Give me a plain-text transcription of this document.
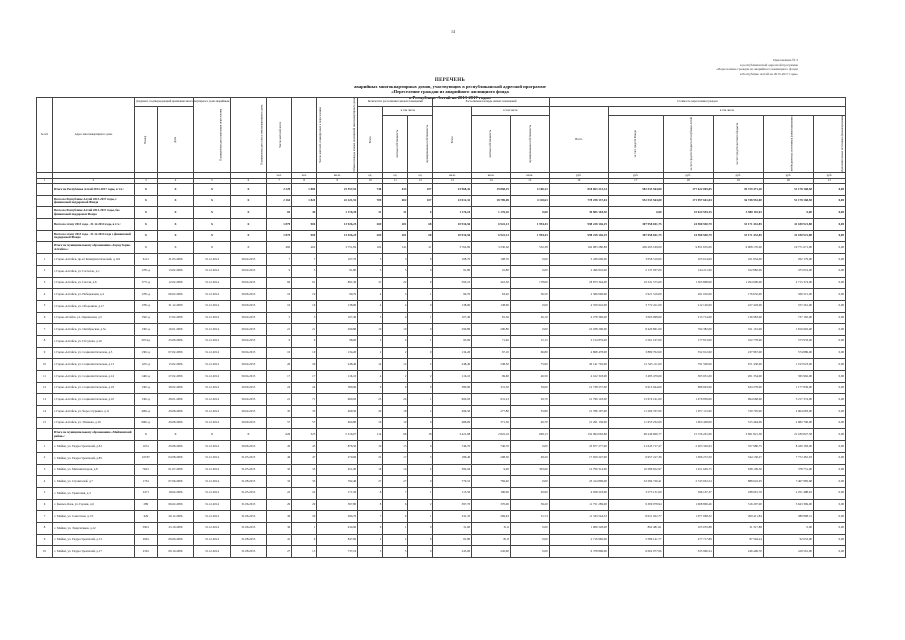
14
Приложение № 3
к республиканской адресной программе
«Переселение граждан из аварийного жилищного фонда
в Республике Алтай на 2013-2017 годы»
ПЕРЕЧЕНЬ
аварийных многоквартирных домов, участвующих в республиканской адресной программе
«Переселение граждан из аварийного жилищного фонда
в Республике Алтай на 2013-2017 годы»
№ п/п	Адрес многоквартирного дома	Документ, подтверждающий признание многоквартирного дома аварийным		Планируемая дата окончания переселения	Планируемая дата сноса многоквартирного дома	Число жителей всего	Число жителей, планируемых к переселению	Общая площадь жилых помещений многоквартирного дома	Количество расселяемых жилых помещений			Расселяемая площадь жилых помещений			Стоимость переселения граждан					
		Номер	Дата						Всего	в том числе		Всего	в том числе		Всего	в том числе				
										частная собственность	муниципальная собственность		частная собственность	муниципальная собственность		за счет средств Фонда	за счет средств бюджета Республики Алтай	за счет средств местного бюджета	внебюджетных источников финансирования	Дополнительные источники финансирования
						чел.	чел.	кв.м.	ед.	ед.	ед.	кв.м.	кв.м.	кв.м.	руб.	руб.	руб.	руб.	руб.	руб.
1	2	3	4	5	6	7	8	9	10	11	12	13	14	15	16	17	18	19	20	21
	Итого по Республике Алтай 2013-2017 годы, в т.ч.:	X	X	X	X	2 229	1 869	23 557,92	740	633	107	23 968,42	19 868,19	4 100,23	818 063 241,34	582 533 564,00	177 622 065,05	49 729 471,20	51 178 168,58	0,00
	Всего по Республике Алтай 2013-2017 годы, с финансовой поддержкой Фонда	X	X	X	X	2 164	1 824	22 221,92	709	602	107	23 012,32	18 789,69	4 118,63	778 258 137,04	552 533 564,00	171 997 661,04	36 748 952,00	51 178 168,58	0,00
	Всего по Республике Алтай 2013-2017 годы, без финансовой поддержки Фонда	X	X	X	X	65	45	1 176,39	31	31	0	1 176,10	1 176,10	0,00	39 805 104,30	0,00	25 024 594,15	3 980 110,63	0,00	0,00
	Всего по этапу 2013 года - 31.12.2014 года, в т.ч.:	X	X	X	X	1 879	904	13 926,25	269	201	68	10 916,56	6 922,13	1 994,43	998 228 146,19	307 958 041,75	24 580 940,79	33 171 432,85	41 180 921,88	0,00
	Всего по этапу 2013 года - 31.12.2014 года с финансовой поддержкой Фонда	X	X	X	X	1 879	904	13 926,25	269	201	68	10 916,56	6 922,13	1 994,43	998 228 146,19	307 958 041,75	24 580 940,79	33 171 432,85	41 180 921,88	0,00
	Итого по муниципальному образованию «Город Горно-Алтайск»:	X	X	X	X	482	402	3 751,82	162	141	21	3 762,82	3 230,62	532,38	162 083 280,89	456 295 169,09	9 851 635,00	6 008 170,00	19 771 671,00	0,00
1	г. Горно-Алтайск, пр-кт Коммунистический, д.124	6121	31.05.2006	31.12.2014	30.04.2015	7	7	107,70	5	3	0	108,70	108,70	0,00	3 436 600,00	3 056 519,00	105 614,00	101 834,00	202 179,00	0,00
2	г. Горно-Алтайск, ул. Гастелло, д.1	1781-р	13.02.2006	31.12.2014	30.04.2015	9	5	91,80	3	3	0	91,80	91,80	0,00	2 496 816,00	2 137 937,00	144 211,00	102 882,00	475 019,00	0,00
3	г. Горно-Алтайск, ул. Гоголя, д.6	1771-р	12.02.2006	31.12.2014	30.04.2015	66	61	891,30	31	22	9	595,10	416,50	178,60	18 873 344,00	16 341 575,00	1 563 808,00	1 294 900,00	2 715 374,00	0,00
4	г. Горно-Алтайск, ул. Набережная, д.4	1781-р	06.02.2006	31.12.2014	30.06.2015	10	10	99,70	4	3	1	99,70	63,20	36,50	2 566 096,00	2 921 516,00	261 910,00	176 632,00	506 515,00	0,00
5	г. Горно-Алтайск, ул. Оборонная, д.17	1781-р	31.12.2009	31.12.2014	30.09.2015	16	16	138,90	4	4	0	138,00	138,00	0,00	4 559 916,00	3 772 411,00	212 126,00	227 418,00	557 261,00	0,00
6	г. Горно-Alтайск, ул. Оршанская, д.5	1561-р	17.02.2006	31.12.2014	30.04.2015	5	5	107,40	5	4	1	107,40	81,30	26,10	4 278 360,00	3 063 098,00	213 714,00	136 983,00	737 165,00	0,00
7	г. Горно-Алтайск, ул. Октябрьская, д.5а	1301-р	16.01.2006	31.12.2014	30.04.2015	21	21	290,80	10	10	0	290,80	290,80	0,00	10 938 296,00	8 429 861,00	764 382,00	321 191,00	1 816 902,00	0,00
8	г. Горно-Алтайск, ул. П.Сухова, д.10	5974-р	25.09.2006	31.12.2014	30.04.2015	9	6	98,90	5	4	1	93,00	71,40	15,15	3 154 879,00	2 561 197,00	177 813,00	102 778,00	573 933,00	0,00
9	г. Горно-Алтайск, ул. Социалистическая, д.5	1301-р	07.02.2006	31.12.2014	30.04.2015	10	10	134,20	2	2	0	134,20	67,10	66,80	4 868 478,00	3 880 702,00	352 912,00	237 867,00	574 886,00	0,00
10	г. Горно-Алтайск, ул. Социалистическая, д.13	1251-р	15.02.2006	31.12.2014	30.04.2015	29	29	248,40	14	12	2	248,40	238,50	75,90	20 141 702,00	12 345 111,00	791 590,00	671 430,00	1 193 023,00	0,00
11	г. Горно-Алтайск, ул. Социалистическая, д.14	1461-р	27.02.2006	31.12.2014	30.04.2015	17	17	116,10	4	2	2	116,10	69,60	46,50	4 162 318,00	3 483 479,00	305 951,00	201 334,00	365 962,00	0,00
12	г. Горно-Алтайск, ул. Социалистическая, д.18	1301-р	28.02.2006	31.12.2014	30.09.2015	24	24	380,90	9	9	0	380,90	331,30	59,60	12 738 237,00	9 613 044,00	686 693,00	634 278,00	1 177 839,00	0,00
13	г. Горно-Алтайск, ул. Социалистическая, д.10	1301-р	28.01.2006	31.12.2014	30.04.2015	21	71	960,93	25	24	1	960,93	931,23	29,70	21 799 103,00	15 674 161,00	1 476 839,00	994 668,00	3 217 374,00	0,00
14	г. Горно-Алтайск, ул. Чорос-Гуркина, д.11	4091-р	29.08.2006	31.12.2014	30.04.2015	35	35	499,50	20	18	2	499,50	277,80	55,80	15 786 197,00	11 569 767,00	1 077 115,00	720 705,00	2 964 683,00	0,00
15	г. Горно-Алтайск, ул. Ушакова, д.16	6061-р	29.08.2006	31.12.2014	30.09.2015	57	57	464,80	10	10	0	486,00	371,30	26,70	15 291 136,00	11 653 232,00	1 063 428,00	315 464,00	2 082 796,00	0,00
	Итого по муниципальному образованию «Майминский район»:	X	X	X	X	629	325	5 316,07	114	96	18	3 421,68	2 822,16	609,13	152 094 092,86	96 240 606,77	15 726 261,06	3 691 821,58	21 180 827,58	0,00
1	с. Майма, ул. Гидростроителей, д.81	1651	20.08.2006	31.12.2014	30.06.2015	45	45	876,50	19	15	0	746,70	746,70	0,00	23 877 277,00	21 045 717,27	2 203 320,93	357 980,75	8 430 183,00	0,00
2	с. Майма, ул. Гидростроителей, д.85	2/0/67	04.08.2006	31.12.2014	31.05.2015	46	47	270,60	22	17	5	186,40	208,30	48,20	17 659 247,00	6 957 417,36	1 006 272,50	344 130,27	7 772 481,03	0,00
3	с. Майма, ул. Механизаторов, д.8	764/1	01.07.2006	31.12.2014	31.05.2015	35	35	451,00	16	14	2	382,04	9,00	393,60	12 790 314,00	10 586 652,97	1 451 649,75	638 109,50	378 751,00	0,00
4	с. Майма, ул. Строителей, д.7	1761	07.06.2006	31.12.2014	31.08.2015	33	33	792,40	27	27	0	779,10	782,40	0,00	23 414 899,00	32 584 726,41	2 743 952,54	888 622,05	7 467 985,68	0,00
5	с. Майма, ул. Трактовая, д.3	2471	18.04.2006	31.12.2014	31.05.2015	22	22	171,50	8	7	1	113,56	190,00	20,90	4 958 218,00	3 573 131,00	396 167,37	188 691,79	2 251 488,63	0,00
6	с. Кызыл-Озек, ул. Горная, д.6	289	06.02.2006	31.12.2014	31.06.2015	29	29	397,80	8	6	2	397,70	370,00	39,20	11 751 289,00	9 309 078,94	1 068 806,46	516 297,00	3 643 369,00	0,00
7	с. Майма, ул. Советская, д.1/3	429	29.12.2006	31.12.2014	31.06.2015	36	29	284,70	7	6	1	341,35	269,63	31,74	11 334 544,53	8 021 922,77	1 077 068,32	269 411,84	380 898,31	0,00
8	с. Майма, ул. Энергетиков, д.12	336/1	23.10.2006	31.12.2014	31.06.2015	36	1	434,60	6	1	0	31,60	31,6	0,00	1 006 528,00	862 481,61	105 055,88	31 317,88	0,00	0,00
9	с. Майма, ул. Гидростроителей, д.13	2961	09.06.2006	31.12.2014	31.08.2015	41	6	847,60	2	2	0	81,80	81,8	0,00	2 716 960,00	2 589 141,77	277 717,89	87 594,24	92 653,00	0,00
10	с. Майма, ул. Гидростроителей, д.17	2361	09.10.2006	31.12.2014	31.08.2015	27	15	737,19	5	5	0	245,00	245,00	0,00	6 378 896,00	6 062 977,06	325 990,24	246 406,70	418 561,00	0,00
